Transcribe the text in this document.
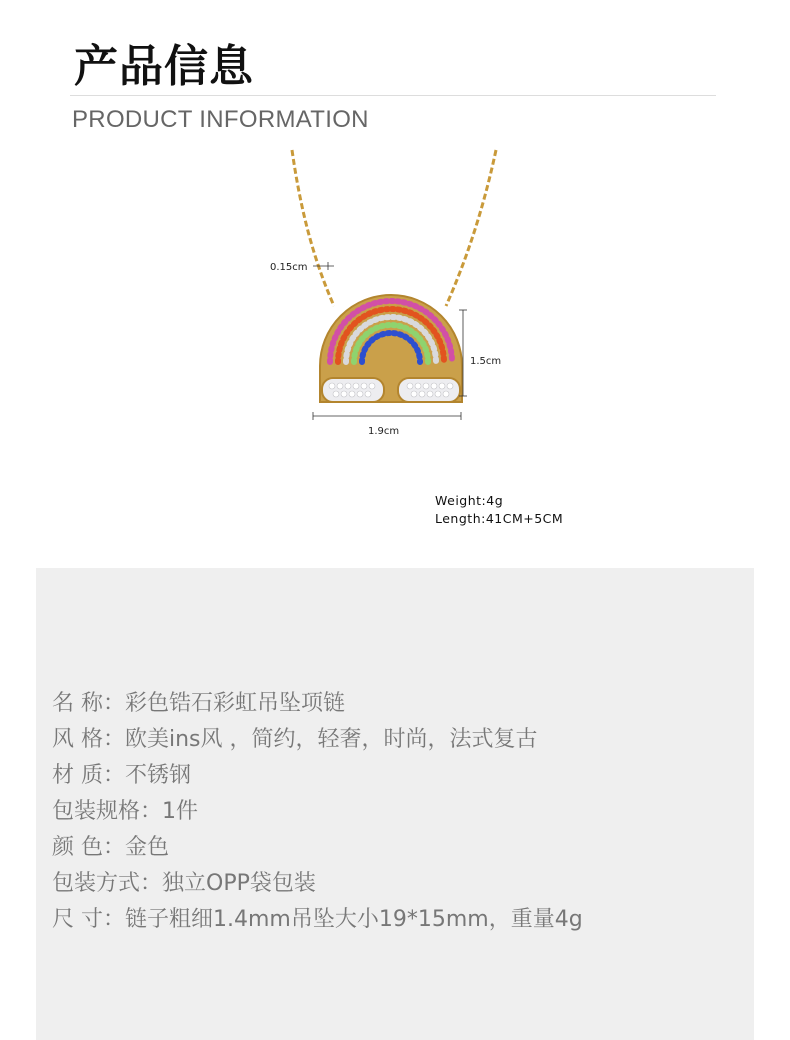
产品信息
PRODUCT INFORMATION
0.15cm
1.5cm
1.9cm
Weight:4g
Length:41CM+5CM
名 称：彩色锆石彩虹吊坠项链
风 格：欧美ins风 ，简约，轻奢，时尚，法式复古
材 质：不锈钢
包装规格：1件
颜 色：金色
包装方式：独立OPP袋包装
尺 寸：链子粗细1.4mm吊坠大小19*15mm，重量4g
